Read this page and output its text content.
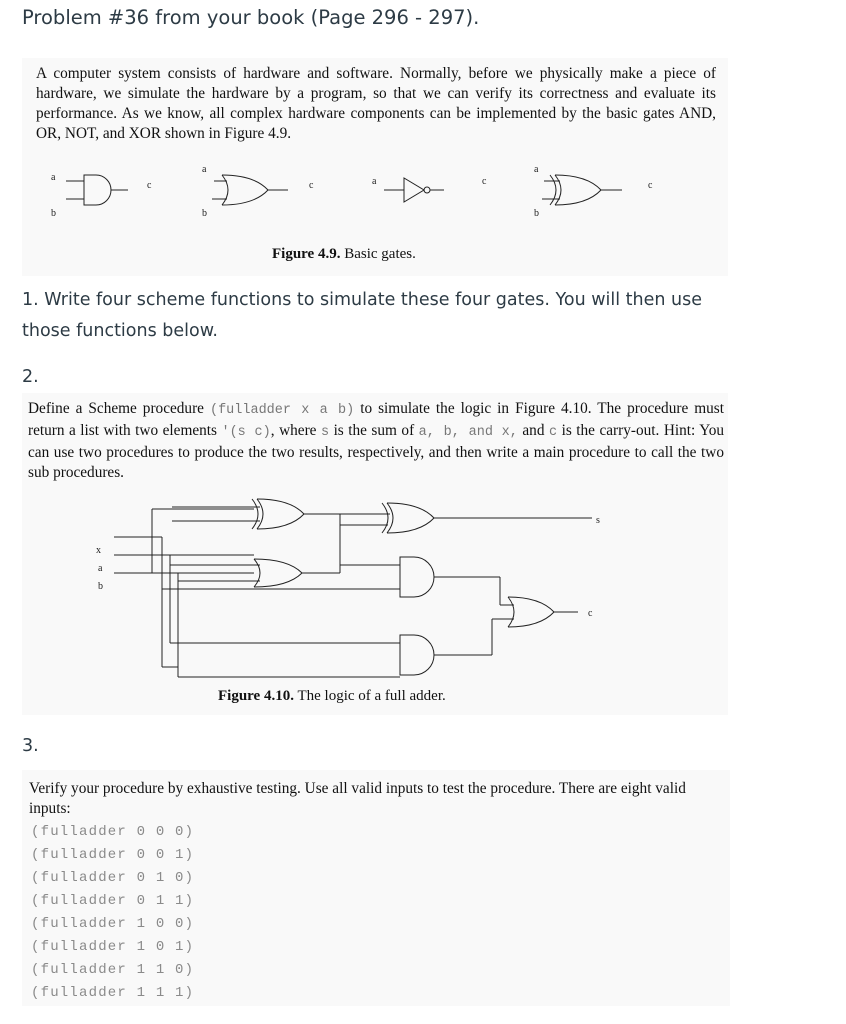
Problem #36 from your book (Page 296 - 297).

A computer system consists of hardware and software. Normally, before we physically make a piece of hardware, we simulate the hardware by a program, so that we can verify its correctness and evaluate its performance. As we know, all complex hardware components can be implemented by the basic gates AND, OR, NOT, and XOR shown in Figure 4.9.

a
b
c
a
b
c	a	c
a
b
c
Figure 4.9. Basic gates.

1. Write four scheme functions to simulate these four gates. You will then use those functions below.

2.

Define a Scheme procedure (fulladder x a b) to simulate the logic in Figure 4.10. The procedure must return a list with two elements '(s c), where s is the sum of a, b, and x, and c is the carry-out. Hint: You can use two procedures to produce the two results, respectively, and then write a main procedure to call the two sub procedures.

x
a
b
s
c
Figure 4.10. The logic of a full adder.

3.

Verify your procedure by exhaustive testing. Use all valid inputs to test the procedure. There are eight valid inputs:

(fulladder 0 0 0)
(fulladder 0 0 1)
(fulladder 0 1 0)
(fulladder 0 1 1)
(fulladder 1 0 0)
(fulladder 1 0 1)
(fulladder 1 1 0)
(fulladder 1 1 1)
